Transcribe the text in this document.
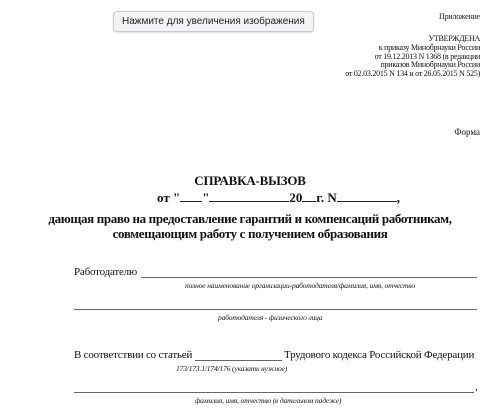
Нажмите для увеличения изображения	Приложение
УТВЕРЖДЕНА
к приказу Минобрнауки России
от 19.12.2013 N 1368 (в редакции
приказов Минобрнауки России
от 02.03.2015 N 134 и от 26.05.2015 N 525)
Форма
СПРАВКА-ВЫЗОВ
от " "	20 г. N	,
дающая право на предоставление гарантий и компенсаций работникам,
совмещающим работу с получением образования
Работодателю
полное наименование организации-работодателя/фамилия, имя, отчество
работодателя - физического лица
В соответствии со статьей	Трудового кодекса Российской Федерации
173/173.1/174/176 (указать нужное)
,
фамилия, имя, отчество (в дательном падеже)
